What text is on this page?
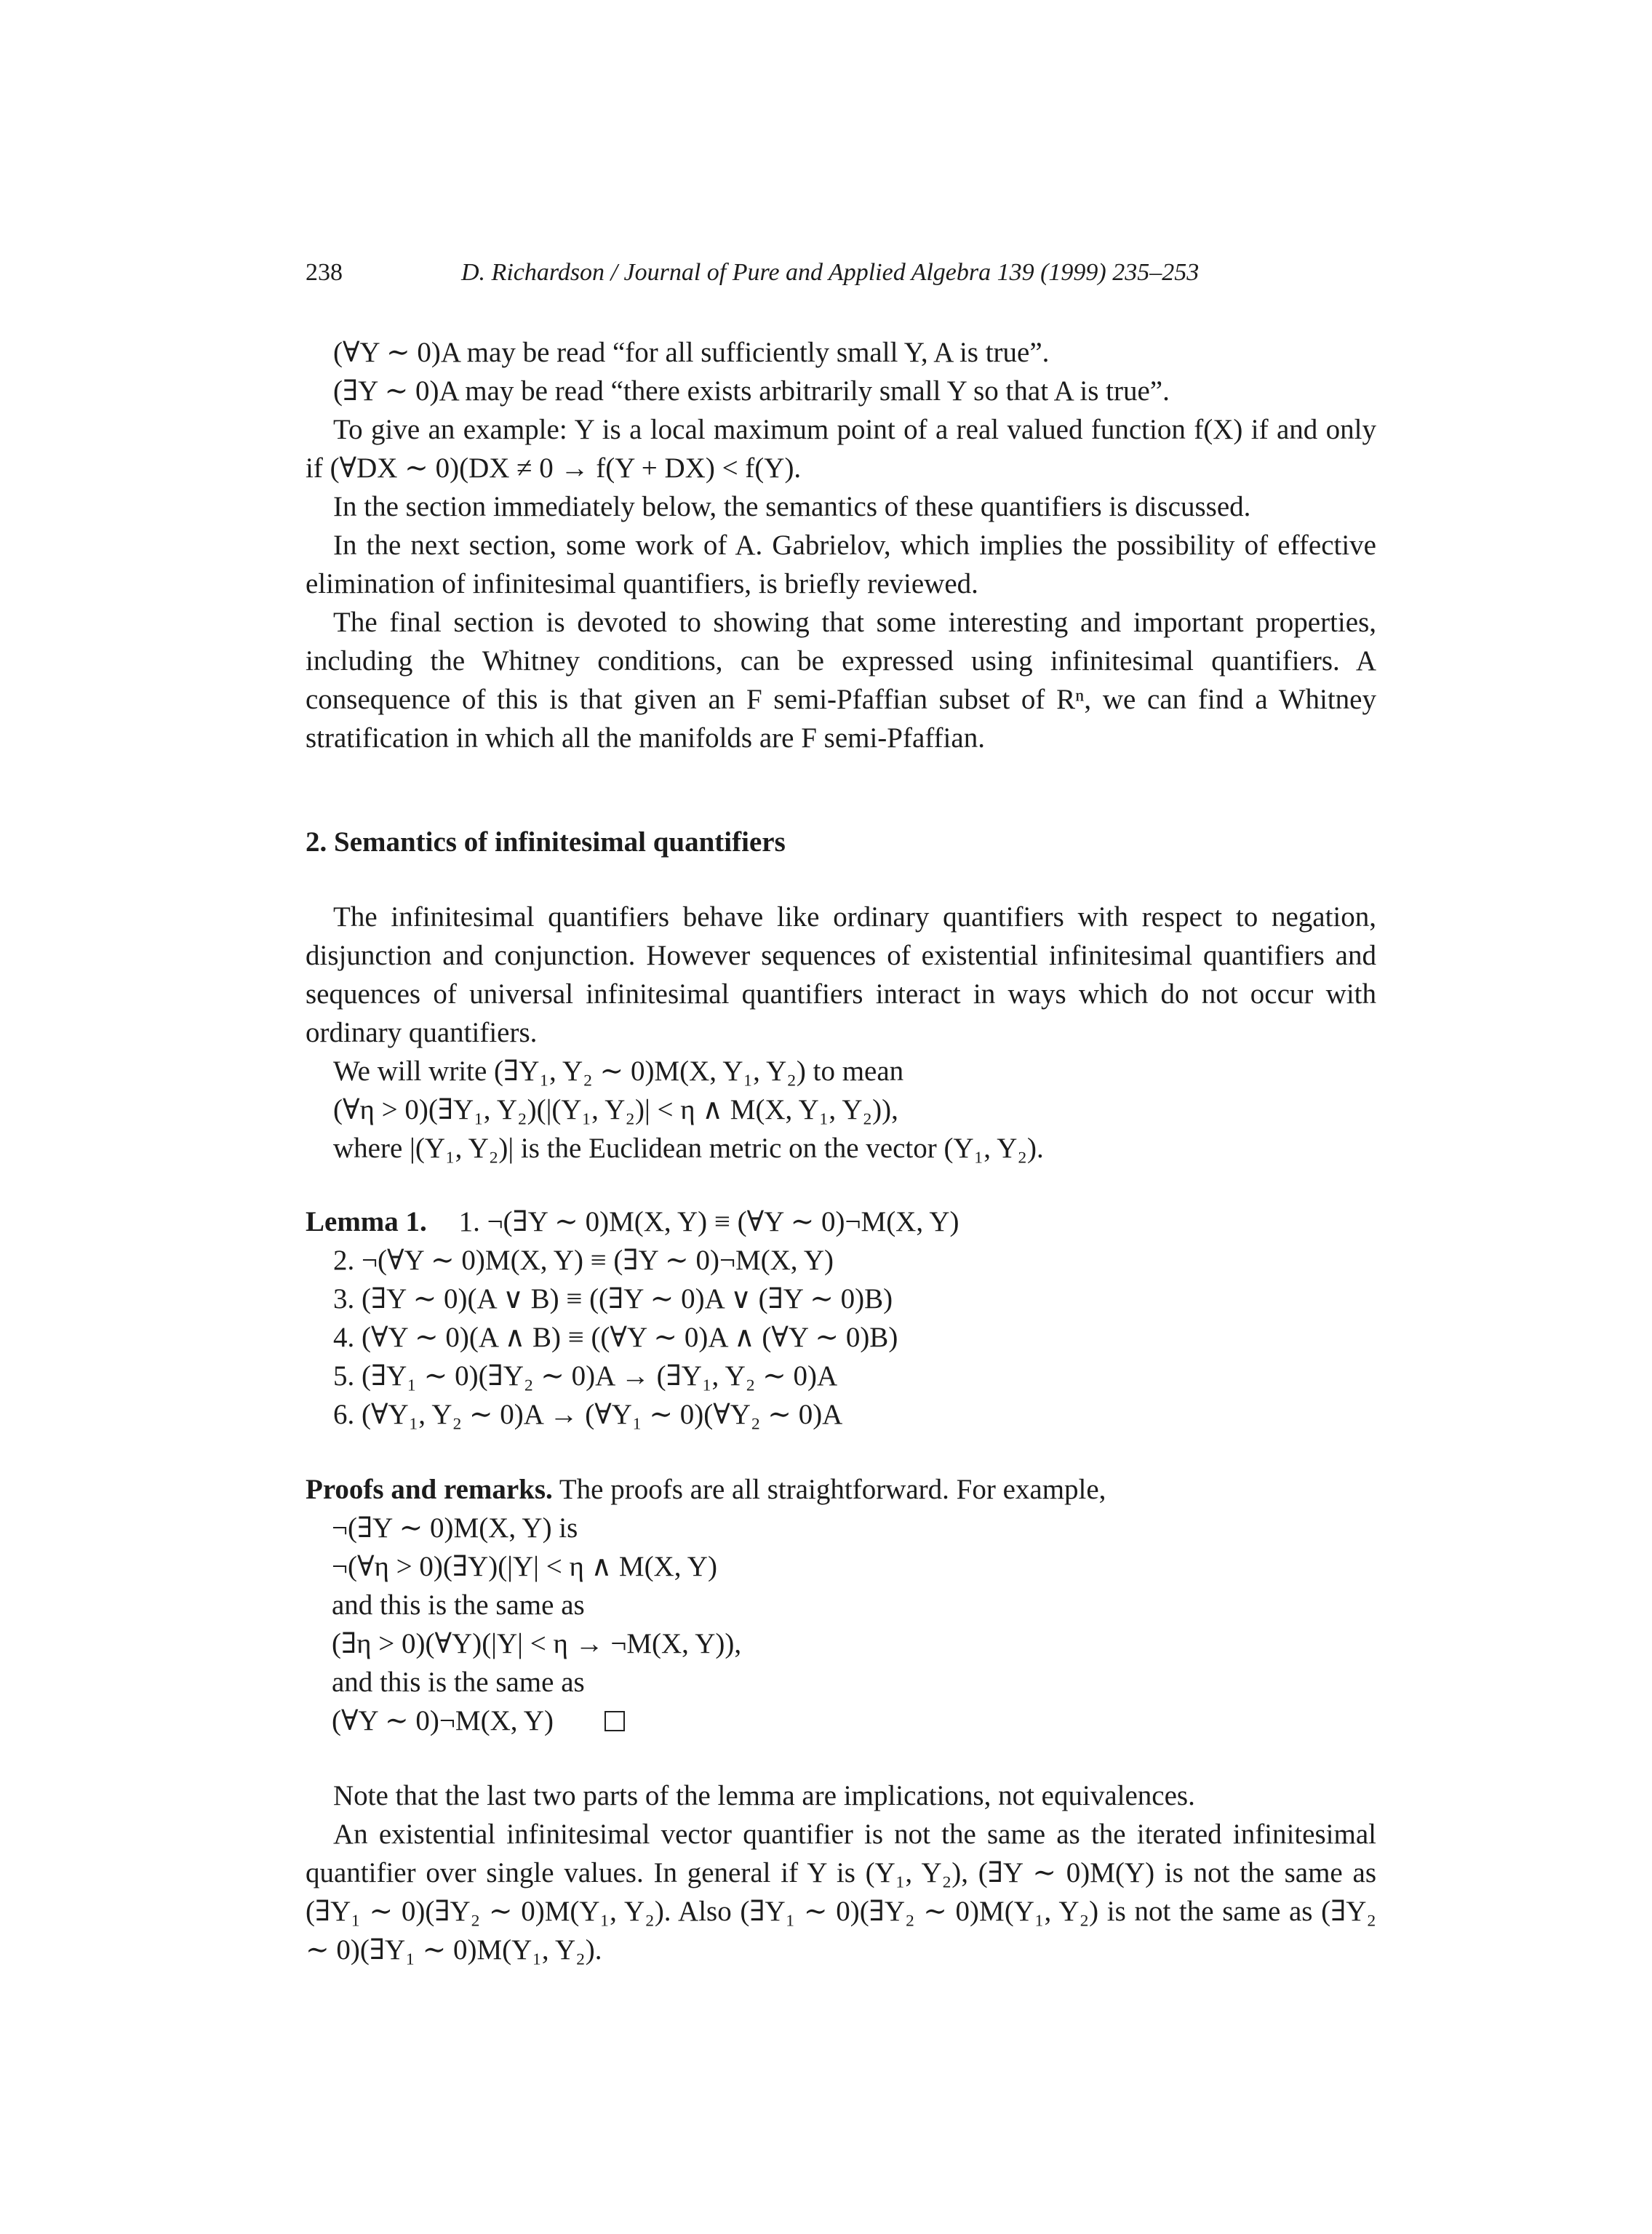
238	D. Richardson / Journal of Pure and Applied Algebra 139 (1999) 235–253

(∀Y ∼ 0)A may be read “for all sufficiently small Y, A is true”.

(∃Y ∼ 0)A may be read “there exists arbitrarily small Y so that A is true”.

To give an example: Y is a local maximum point of a real valued function f(X) if and only if (∀DX ∼ 0)(DX ≠ 0 → f(Y + DX) < f(Y).

In the section immediately below, the semantics of these quantifiers is discussed.

In the next section, some work of A. Gabrielov, which implies the possibility of effective elimination of infinitesimal quantifiers, is briefly reviewed.

The final section is devoted to showing that some interesting and important properties, including the Whitney conditions, can be expressed using infinitesimal quantifiers. A consequence of this is that given an F semi-Pfaffian subset of Rⁿ, we can find a Whitney stratification in which all the manifolds are F semi-Pfaffian.

2. Semantics of infinitesimal quantifiers

The infinitesimal quantifiers behave like ordinary quantifiers with respect to negation, disjunction and conjunction. However sequences of existential infinitesimal quantifiers and sequences of universal infinitesimal quantifiers interact in ways which do not occur with ordinary quantifiers.

We will write (∃Y₁, Y₂ ∼ 0)M(X, Y₁, Y₂) to mean

(∀η > 0)(∃Y₁, Y₂)(|(Y₁, Y₂)| < η ∧ M(X, Y₁, Y₂)),

where |(Y₁, Y₂)| is the Euclidean metric on the vector (Y₁, Y₂).

Lemma 1. 1. ¬(∃Y ∼ 0)M(X, Y) ≡ (∀Y ∼ 0)¬M(X, Y)

2. ¬(∀Y ∼ 0)M(X, Y) ≡ (∃Y ∼ 0)¬M(X, Y)

3. (∃Y ∼ 0)(A ∨ B) ≡ ((∃Y ∼ 0)A ∨ (∃Y ∼ 0)B)

4. (∀Y ∼ 0)(A ∧ B) ≡ ((∀Y ∼ 0)A ∧ (∀Y ∼ 0)B)

5. (∃Y₁ ∼ 0)(∃Y₂ ∼ 0)A → (∃Y₁, Y₂ ∼ 0)A

6. (∀Y₁, Y₂ ∼ 0)A → (∀Y₁ ∼ 0)(∀Y₂ ∼ 0)A

Proofs and remarks. The proofs are all straightforward. For example,

¬(∃Y ∼ 0)M(X, Y) is

¬(∀η > 0)(∃Y)(|Y| < η ∧ M(X, Y)

and this is the same as

(∃η > 0)(∀Y)(|Y| < η → ¬M(X, Y)),

and this is the same as

(∀Y ∼ 0)¬M(X, Y)

Note that the last two parts of the lemma are implications, not equivalences.

An existential infinitesimal vector quantifier is not the same as the iterated infinitesimal quantifier over single values. In general if Y is (Y₁, Y₂), (∃Y ∼ 0)M(Y) is not the same as (∃Y₁ ∼ 0)(∃Y₂ ∼ 0)M(Y₁, Y₂). Also (∃Y₁ ∼ 0)(∃Y₂ ∼ 0)M(Y₁, Y₂) is not the same as (∃Y₂ ∼ 0)(∃Y₁ ∼ 0)M(Y₁, Y₂).
